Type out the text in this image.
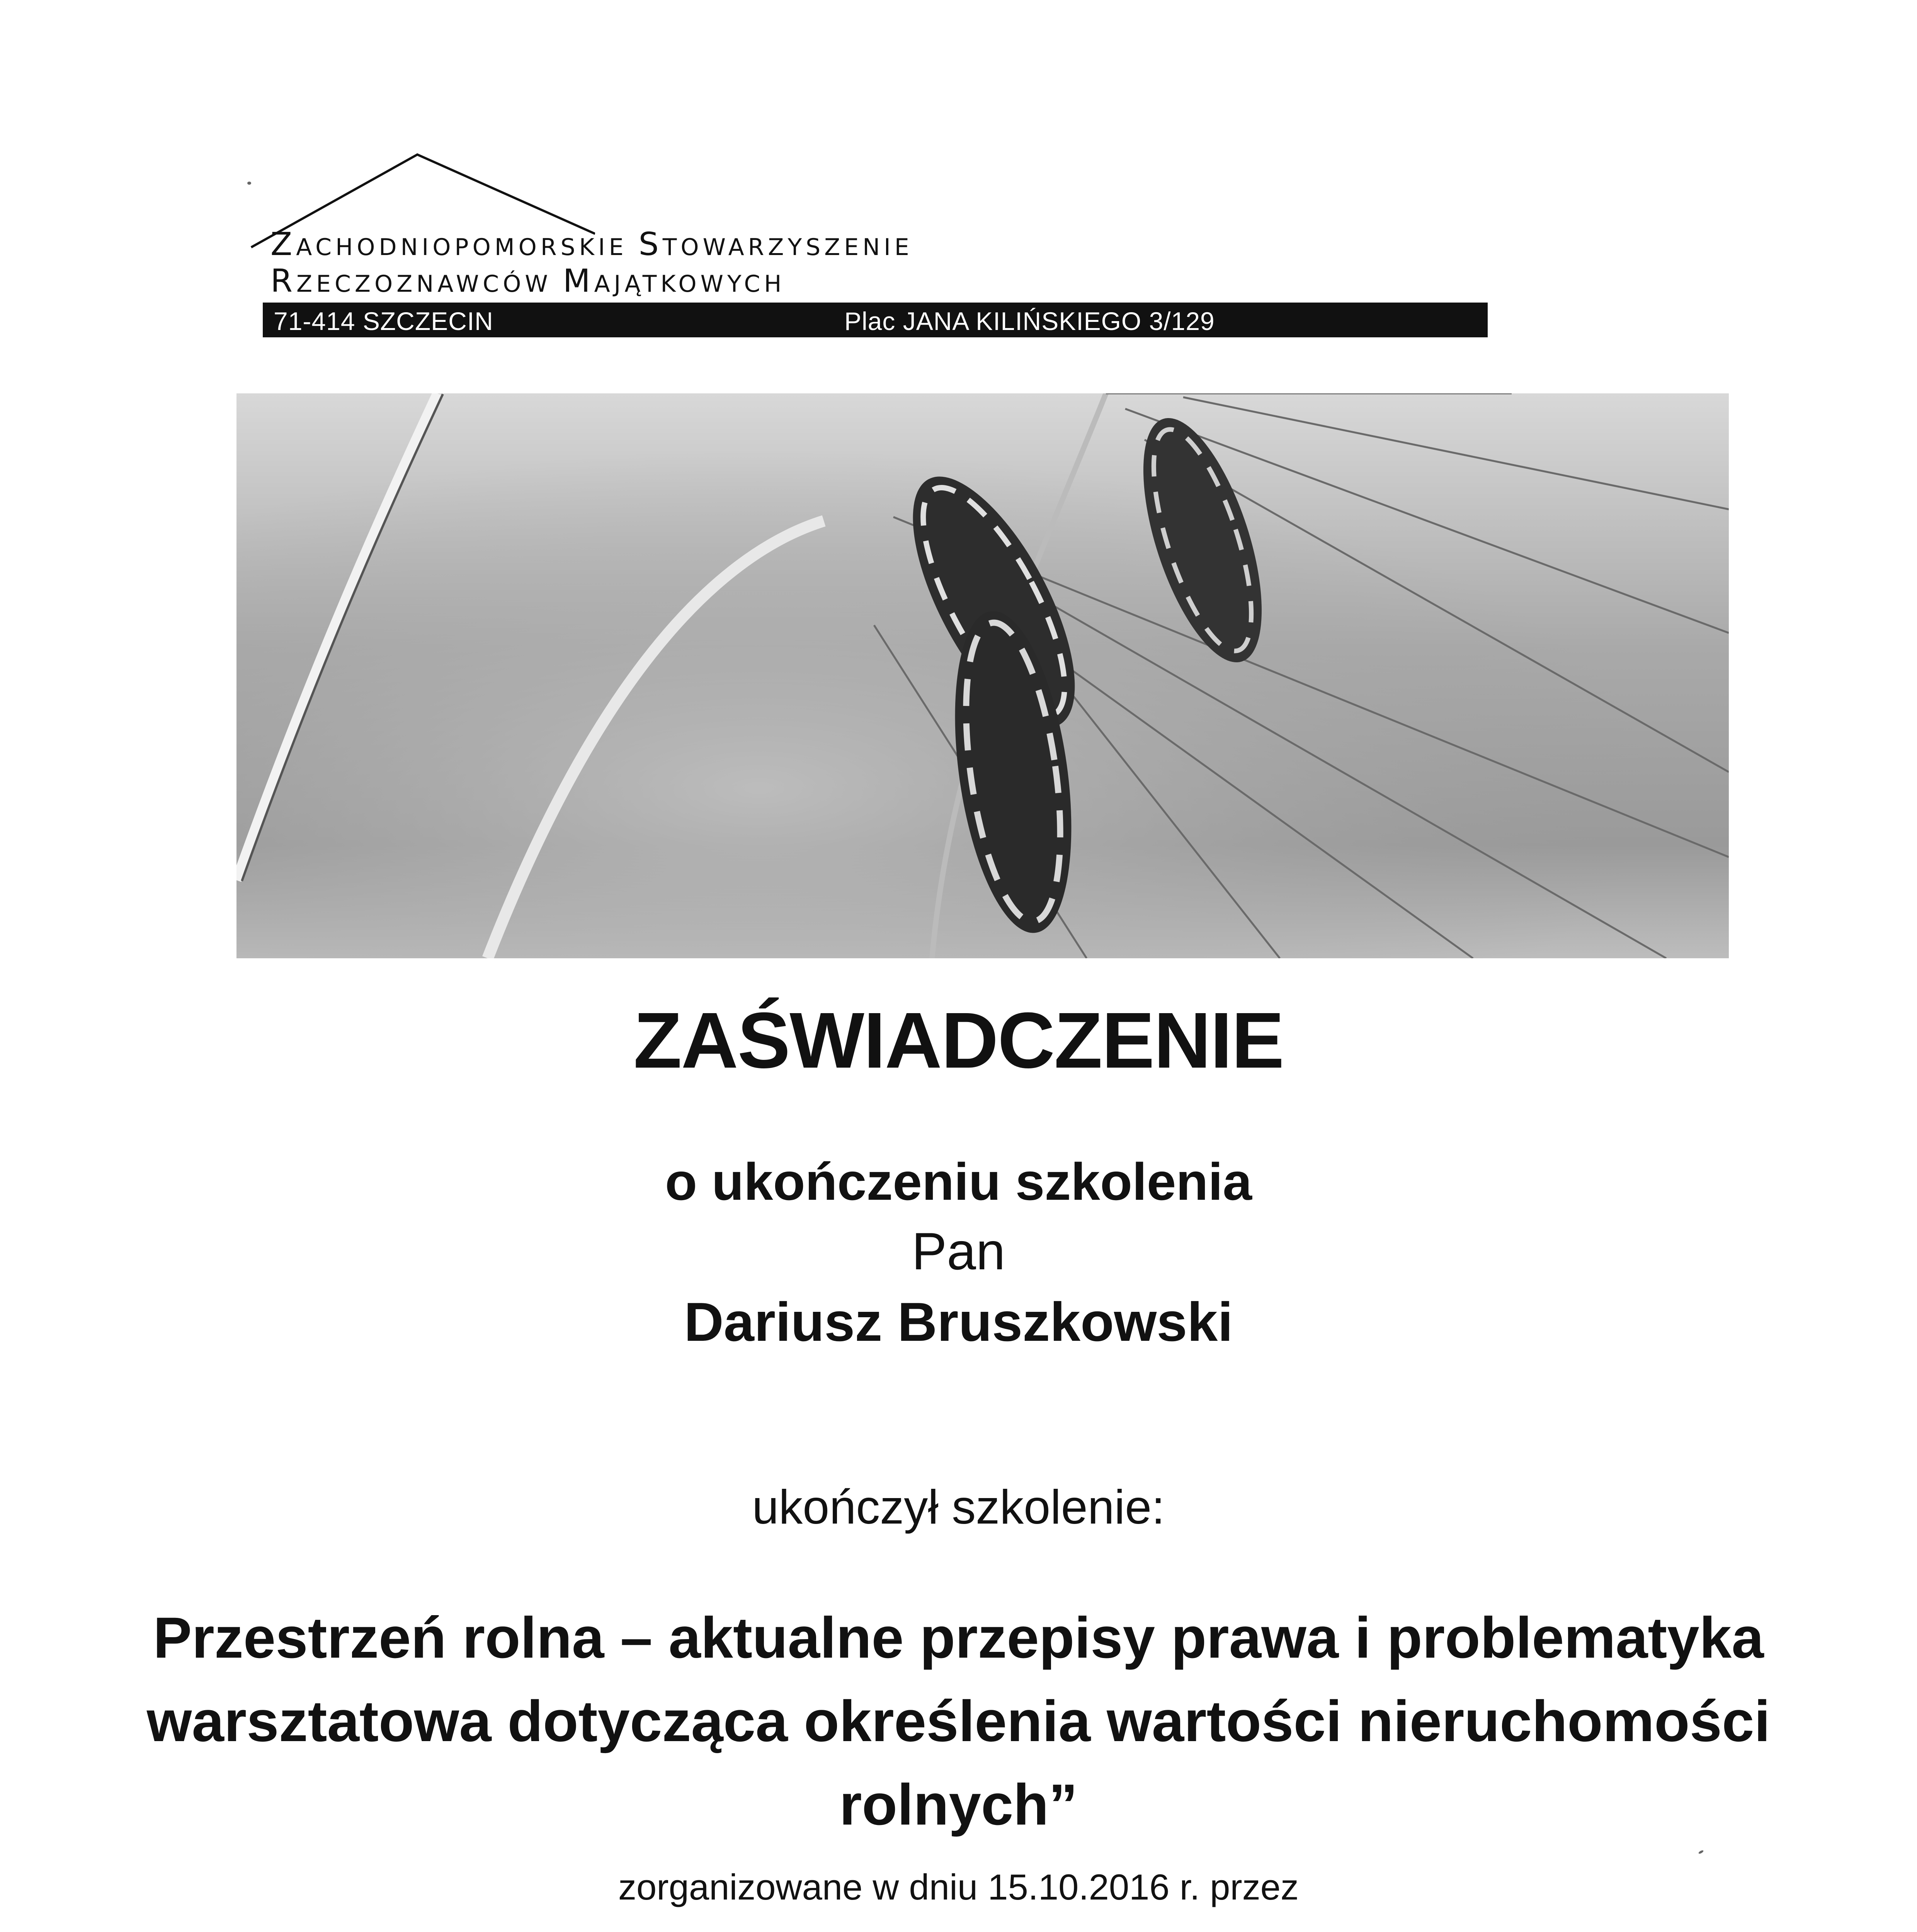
ZACHODNIOPOMORSKIE STOWARZYSZENIE
RZECZOZNAWCÓW MAJĄTKOWYCH
71-414 SZCZECIN	Plac JANA KILIŃSKIEGO 3/129
ZAŚWIADCZENIE
o ukończeniu szkolenia
Pan
Dariusz Bruszkowski
ukończył szkolenie:
Przestrzeń rolna – aktualne przepisy prawa i problematyka
warsztatowa dotycząca określenia wartości nieruchomości
rolnych”
zorganizowane w dniu 15.10.2016 r. przez
